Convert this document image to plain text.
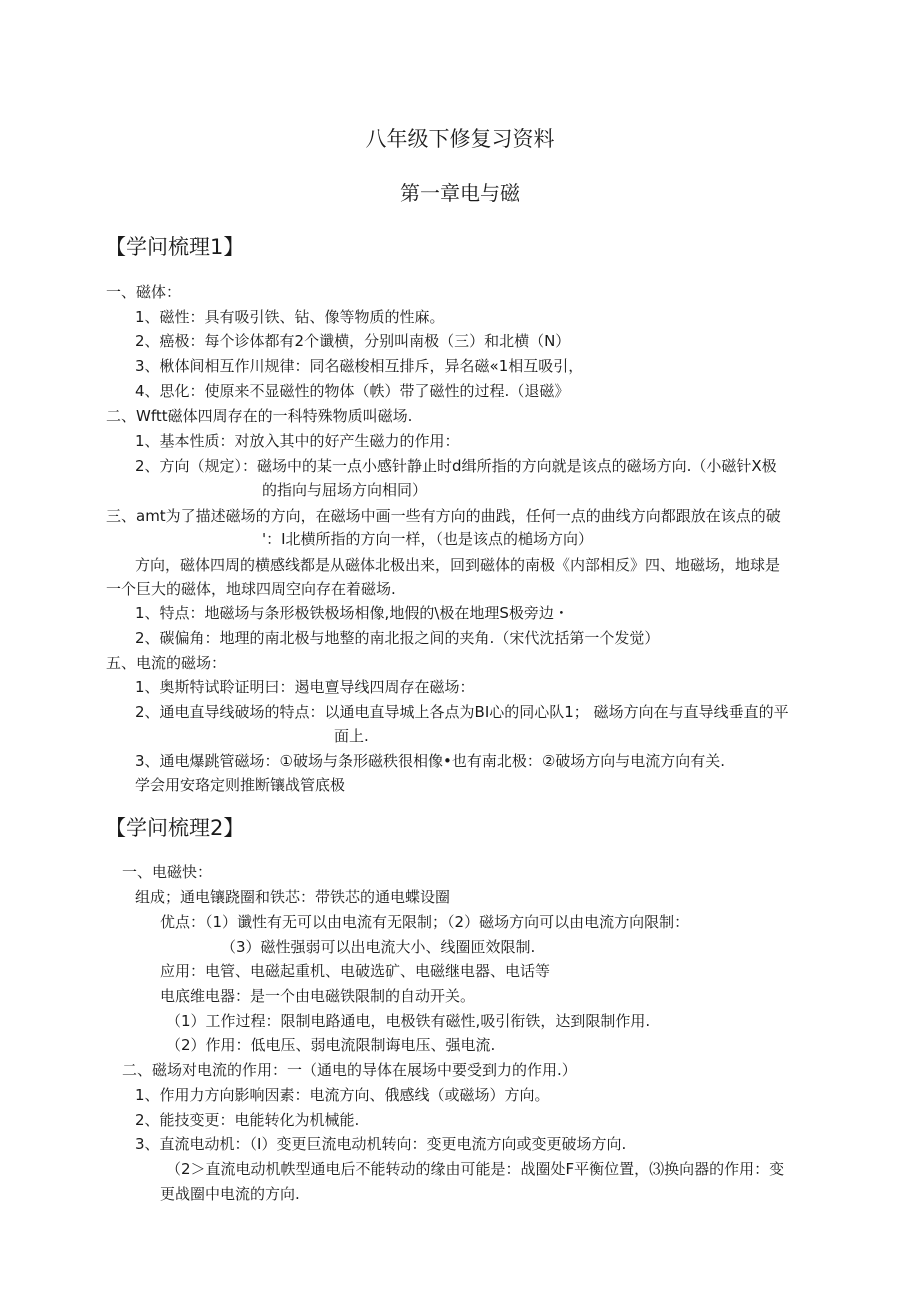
八年级下修复习资料
第一章电与磁
【学问梳理1】
一、磁体：
1、磁性：具有吸引铁、钻、像等物质的性麻。
2、癌极：每个诊体都有2个谶横，分别叫南极（三）和北横（N）
3、楸体间相互作川规律：同名磁梭相互排斥，异名磁«1相互吸引，
4、思化：使原来不显磁性的物体（帙）带了磁性的过程.（退磁》
二、Wftt磁体四周存在的一科特殊物质叫磁场.
1、基本性质：对放入其中的好产生磁力的作用：
2、方向（规定）：磁场中的某一点小感针静止时d缉所指的方向就是该点的磁场方向.（小磁针X极
的指向与屈场方向相同）
三、amt为了描述磁场的方向，在磁场中画一些有方向的曲践，任何一点的曲线方向都跟放在该点的破
'：I北横所指的方向一样，（也是该点的槌场方向）
方向，磁体四周的横感线都是从磁体北极出来，回到磁体的南极《内部相反》四、地磁场，地球是
一个巨大的磁体，地球四周空向存在着磁场.
1、特点：地磁场与条形极铁极场相像,地假的\极在地理S极旁边・
2、碳偏角：地理的南北极与地整的南北报之间的夹角.（宋代沈括第一个发觉）
五、电流的磁场：
1、奥斯特试聆证明曰：遏电亶导线四周存在磁场：
2、通电直导线破场的特点：以通电直导城上各点为BI心的同心队1； 磁场方向在与直导线垂直的平
面上.
3、通电爆跳管磁场：①破场与条形磁秩很相像•也有南北极：②破场方向与电流方向有关.
学会用安珞定则推断镶战管底极
【学问梳理2】
一、电磁快：
组成；通电镶跷圈和铁芯：带铁芯的通电蝶设圈
优点：（1）谶性有无可以由电流有无限制；（2）磁场方向可以由电流方向限制：
（3）磁性强弱可以出电流大小、线圈匝效限制.
应用：电管、电磁起重机、电破选矿、电磁继电器、电话等
电底维电器：是一个由电磁铁限制的自动开关。
（1）工作过程：限制电路通电，电极铁有磁性,吸引衔铁，达到限制作用.
（2）作用：低电压、弱电流限制诲电压、强电流.
二、磁场对电流的作用：一（通电的导体在展场中要受到力的作用.）
1、作用力方向影响因素：电流方向、俄感线（或磁场）方向。
2、能技变更：电能转化为机械能.
3、直流电动机：（I）变更巨流电动机转向：变更电流方向或变更破场方向.
（2＞直流电动机帙型通电后不能转动的缘由可能是：战圈处F平衡位置，⑶换向器的作用：变
更战圈中电流的方向.
